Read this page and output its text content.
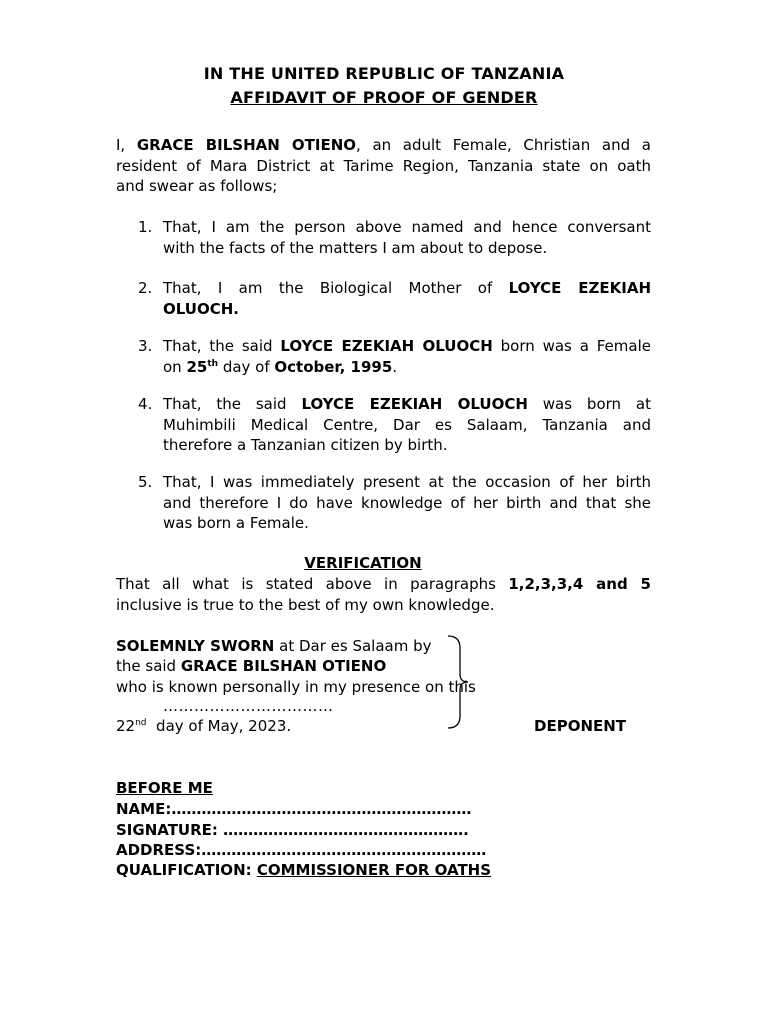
IN THE UNITED REPUBLIC OF TANZANIA
AFFIDAVIT OF PROOF OF GENDER
I, GRACE BILSHAN OTIENO, an adult Female, Christian and a
resident of Mara District at Tarime Region, Tanzania state on oath
and swear as follows;
1. That, I am the person above named and hence conversant
with the facts of the matters I am about to depose.
2. That, I am the Biological Mother of LOYCE EZEKIAH
OLUOCH.
3. That, the said LOYCE EZEKIAH OLUOCH born was a Female
on 25th day of October, 1995.
4. That, the said LOYCE EZEKIAH OLUOCH was born at
Muhimbili Medical Centre, Dar es Salaam, Tanzania and
therefore a Tanzanian citizen by birth.
5. That, I was immediately present at the occasion of her birth
and therefore I do have knowledge of her birth and that she
was born a Female.
VERIFICATION
That all what is stated above in paragraphs 1,2,3,3,4 and 5
inclusive is true to the best of my own knowledge.
SOLEMNLY SWORN at Dar es Salaam by
the said GRACE BILSHAN OTIENO
who is known personally in my presence on this
……………………………
22nd  day of May, 2023.	DEPONENT
BEFORE ME
NAME:……………………………………………………
SIGNATURE: ………………………………………….
ADDRESS:…………………………………………………
QUALIFICATION: COMMISSIONER FOR OATHS
